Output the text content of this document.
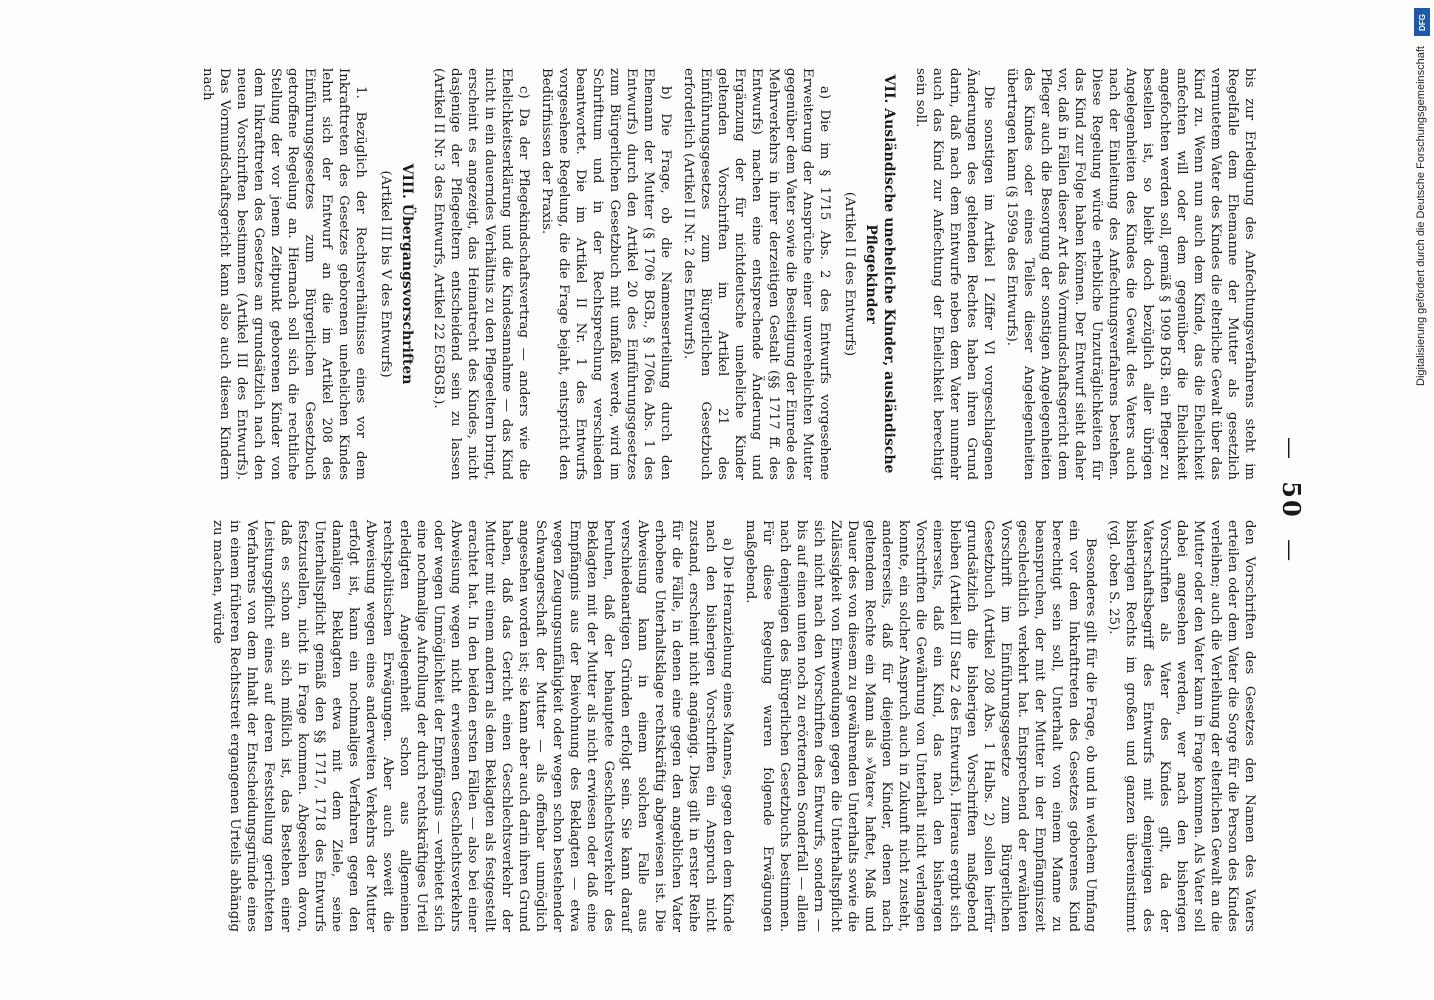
— 50 —

bis zur Erledigung des Anfechtungsverfahrens steht im Regelfalle dem Ehemanne der Mutter als gesetzlich vermutetem Vater des Kindes die elterliche Gewalt über das Kind zu. Wenn nun auch dem Kinde, das die Ehelichkeit anfechten will oder dem gegenüber die Ehelichkeit angefochten werden soll, gemäß § 1909 BGB. ein Pfleger zu bestellen ist, so bleibt doch bezüglich aller übrigen Angelegenheiten des Kindes die Gewalt des Vaters auch nach der Einleitung des Anfechtungsverfahrens bestehen. Diese Regelung würde erhebliche Unzuträglichkeiten für das Kind zur Folge haben können. Der Entwurf sieht daher vor, daß in Fällen dieser Art das Vormundschaftsgericht dem Pfleger auch die Besorgung der sonstigen Angelegenheiten des Kindes oder eines Teiles dieser Angelegenheiten übertragen kann (§ 1599a des Entwurfs).

Die sonstigen im Artikel I Ziffer VI vorgeschlagenen Änderungen des geltenden Rechtes haben ihren Grund darin, daß nach dem Entwurfe neben dem Vater nunmehr auch das Kind zur Anfechtung der Ehelichkeit berechtigt sein soll.

VII. Ausländische uneheliche Kinder, ausländische Pflegekinder
(Artikel II des Entwurfs)

a) Die im § 1715 Abs. 2 des Entwurfs vorgesehene Erweiterung der Ansprüche einer unverehelichten Mutter gegenüber dem Vater sowie die Beseitigung der Einrede des Mehrverkehrs in ihrer derzeitigen Gestalt (§§ 1717 ff. des Entwurfs) machen eine entsprechende Änderung und Ergänzung der für nichtdeutsche uneheliche Kinder geltenden Vorschriften im Artikel 21 des Einführungsgesetzes zum Bürgerlichen Gesetzbuch erforderlich (Artikel II Nr. 2 des Entwurfs).

b) Die Frage, ob die Namenserteilung durch den Ehemann der Mutter (§ 1706 BGB., § 1706a Abs. 1 des Entwurfs) durch den Artikel 20 des Einführungsgesetzes zum Bürgerlichen Gesetzbuch mit umfaßt werde, wird im Schrifttum und in der Rechtsprechung verschieden beantwortet. Die im Artikel II Nr. 1 des Entwurfs vorgesehene Regelung, die die Frage bejaht, entspricht den Bedürfnissen der Praxis.

c) Da der Pflegekindschaftsvertrag — anders wie die Ehelichkeitserklärung und die Kindesannahme — das Kind nicht in ein dauerndes Verhältnis zu den Pflegeeltern bringt, erscheint es angezeigt, das Heimatrecht des Kindes, nicht dasjenige der Pflegeeltern entscheidend sein zu lassen (Artikel II Nr. 3 des Entwurfs, Artikel 22 EGBGB.).

VIII. Übergangsvorschriften
(Artikel III bis V des Entwurfs)

1. Bezüglich der Rechtsverhältnisse eines vor dem Inkrafttreten des Gesetzes geborenen unehelichen Kindes lehnt sich der Entwurf an die im Artikel 208 des Einführungsgesetzes zum Bürgerlichen Gesetzbuch getroffene Regelung an. Hiernach soll sich die rechtliche Stellung der vor jenem Zeitpunkt geborenen Kinder von dem Inkrafttreten des Gesetzes an grundsätzlich nach den neuen Vorschriften bestimmen (Artikel III des Entwurfs). Das Vormundschaftsgericht kann also auch diesen Kindern nach

den Vorschriften des Gesetzes den Namen des Vaters erteilen oder dem Vater die Sorge für die Person des Kindes verleihen; auch die Verleihung der elterlichen Gewalt an die Mutter oder den Vater kann in Frage kommen. Als Vater soll dabei angesehen werden, wer nach den bisherigen Vorschriften als Vater des Kindes gilt, da der Vaterschaftsbegriff des Entwurfs mit demjenigen des bisherigen Rechts im großen und ganzen übereinstimmt (vgl. oben S. 25).

Besonderes gilt für die Frage, ob und in welchem Umfang ein vor dem Inkrafttreten des Gesetzes geborenes Kind berechtigt sein soll, Unterhalt von einem Manne zu beanspruchen, der mit der Mutter in der Empfängniszeit geschlechtlich verkehrt hat. Entsprechend der erwähnten Vorschrift im Einführungsgesetze zum Bürgerlichen Gesetzbuch (Artikel 208 Abs. 1 Halbs. 2) sollen hierfür grundsätzlich die bisherigen Vorschriften maßgebend bleiben (Artikel III Satz 2 des Entwurfs). Hieraus ergibt sich einerseits, daß ein Kind, das nach den bisherigen Vorschriften die Gewährung von Unterhalt nicht verlangen konnte, ein solcher Anspruch auch in Zukunft nicht zusteht, andererseits, daß für diejenigen Kinder, denen nach geltendem Rechte ein Mann als »Vater« haftet, Maß und Dauer des von diesem zu gewährenden Unterhalts sowie die Zulässigkeit von Einwendungen gegen die Unterhaltspflicht sich nicht nach den Vorschriften des Entwurfs, sondern — bis auf einen unten noch zu erörternden Sonderfall — allein nach denjenigen des Bürgerlichen Gesetzbuchs bestimmen. Für diese Regelung waren folgende Erwägungen maßgebend.

a) Die Heranziehung eines Mannes, gegen den dem Kinde nach den bisherigen Vorschriften ein Anspruch nicht zustand, erscheint nicht angängig. Dies gilt in erster Reihe für die Fälle, in denen eine gegen den angeblichen Vater erhobene Unterhaltsklage rechtskräftig abgewiesen ist. Die Abweisung kann in einem solchen Falle aus verschiedenartigen Gründen erfolgt sein. Sie kann darauf beruhen, daß der behauptete Geschlechtsverkehr des Beklagten mit der Mutter als nicht erwiesen oder daß eine Empfängnis aus der Beiwohnung des Beklagten — etwa wegen Zeugungsunfähigkeit oder wegen schon bestehender Schwangerschaft der Mutter — als offenbar unmöglich angesehen worden ist; sie kann aber auch darin ihren Grund haben, daß das Gericht einen Geschlechtsverkehr der Mutter mit einem andern als dem Beklagten als festgestellt erachtet hat. In den beiden ersten Fällen — also bei einer Abweisung wegen nicht erwiesenen Geschlechtsverkehrs oder wegen Unmöglichkeit der Empfängnis — verbietet sich eine nochmalige Aufrollung der durch rechtskräftiges Urteil erledigten Angelegenheit schon aus allgemeinen rechtspolitischen Erwägungen. Aber auch soweit die Abweisung wegen eines anderweiten Verkehrs der Mutter erfolgt ist, kann ein nochmaliges Verfahren gegen den damaligen Beklagten etwa mit dem Ziele, seine Unterhaltspflicht gemäß den §§ 1717, 1718 des Entwurfs festzustellen, nicht in Frage kommen. Abgesehen davon, daß es schon an sich mißlich ist, das Bestehen einer Leistungspflicht eines auf deren Feststellung gerichteten Verfahrens von dem Inhalt der Entscheidungsgründe eines in einem früheren Rechtsstreit ergangenen Urteils abhängig zu machen, würde

Digitalisierung gefördert durch die Deutsche Forschungsgemeinschaft
DFG
